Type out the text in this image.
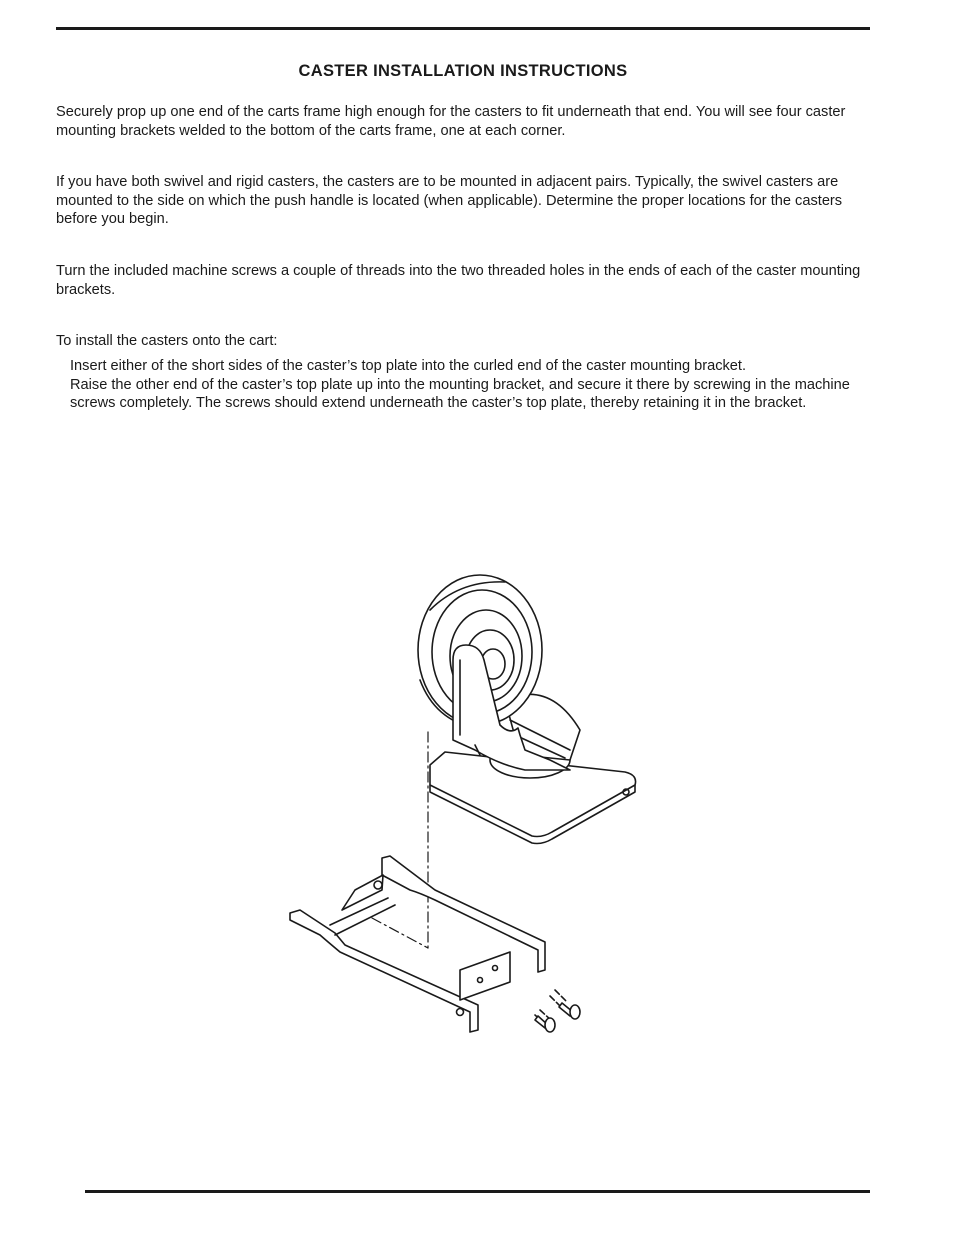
CASTER INSTALLATION INSTRUCTIONS

Securely prop up one end of the carts frame high enough for the casters to fit underneath that end. You will see four caster mounting brackets welded to the bottom of the carts frame, one at each corner.

If you have both swivel and rigid casters, the casters are to be mounted in adjacent pairs. Typically, the swivel casters are mounted to the side on which the push handle is located (when applicable). Determine the proper locations for the casters before you begin.

Turn the included machine screws a couple of threads into the two threaded holes in the ends of each of the caster mounting brackets.

To install the casters onto the cart:

Insert either of the short sides of the caster’s top plate into the curled end of the caster mounting bracket.
Raise the other end of the caster’s top plate up into the mounting bracket, and secure it there by screwing in the machine screws completely. The screws should extend underneath the caster’s top plate, thereby retaining it in the bracket.
